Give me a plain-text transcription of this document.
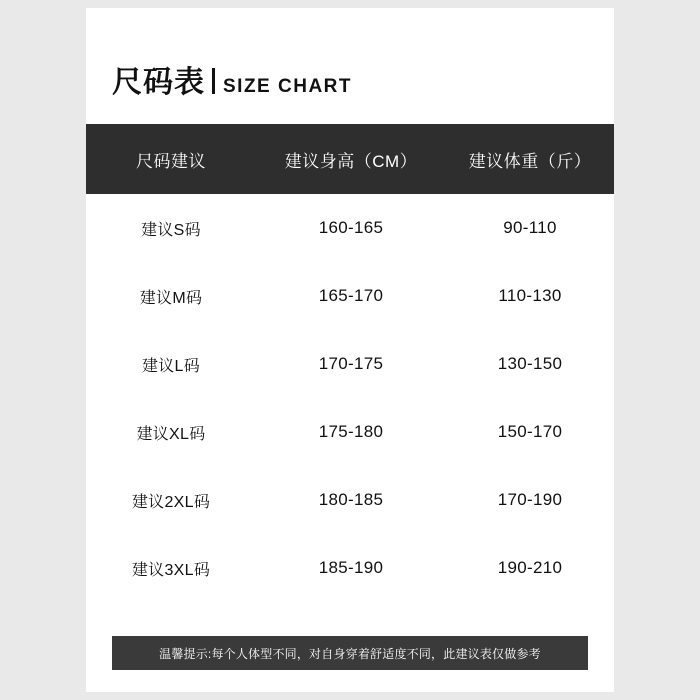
尺码表 SIZE CHART
尺码建议	建议身高（CM）	建议体重（斤）
建议S码	160-165	90-110
建议M码	165-170	110-130
建议L码	170-175	130-150
建议XL码	175-180	150-170
建议2XL码	180-185	170-190
建议3XL码	185-190	190-210
温馨提示:每个人体型不同，对自身穿着舒适度不同，此建议表仅做参考
